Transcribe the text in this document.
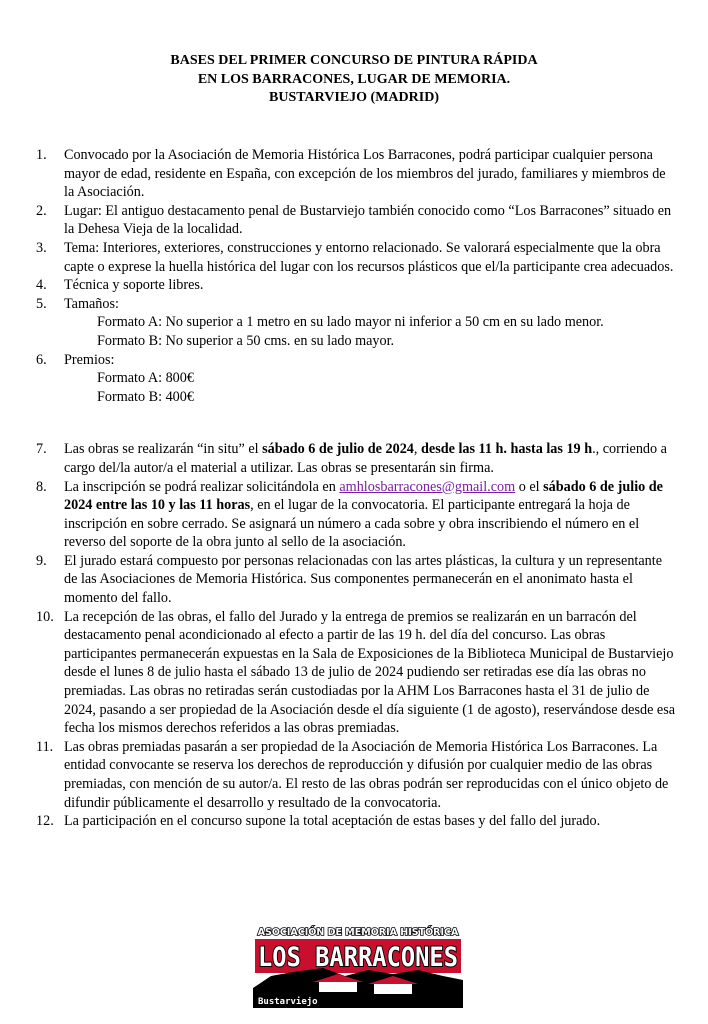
BASES DEL PRIMER CONCURSO DE PINTURA RÁPIDA
EN LOS BARRACONES, LUGAR DE MEMORIA.
BUSTARVIEJO (MADRID)
1. Convocado por la Asociación de Memoria Histórica Los Barracones, podrá participar cualquier persona mayor de edad, residente en España, con excepción de los miembros del jurado, familiares y miembros de la Asociación.
2. Lugar: El antiguo destacamento penal de Bustarviejo también conocido como “Los Barracones” situado en la Dehesa Vieja de la localidad.
3. Tema: Interiores, exteriores, construcciones y entorno relacionado. Se valorará especialmente que la obra capte o exprese la huella histórica del lugar con los recursos plásticos que el/la participante crea adecuados.
4. Técnica y soporte libres.
5. Tamaños:
Formato A: No superior a 1 metro en su lado mayor ni inferior a 50 cm en su lado menor.
Formato B: No superior a 50 cms. en su lado mayor.
6. Premios:
Formato A: 800€
Formato B: 400€
7. Las obras se realizarán “in situ” el sábado 6 de julio de 2024, desde las 11 h. hasta las 19 h., corriendo a cargo del/la autor/a el material a utilizar. Las obras se presentarán sin firma.
8. La inscripción se podrá realizar solicitándola en amhlosbarracones@gmail.com o el sábado 6 de julio de 2024 entre las 10 y las 11 horas, en el lugar de la convocatoria. El participante entregará la hoja de inscripción en sobre cerrado. Se asignará un número a cada sobre y obra inscribiendo el número en el reverso del soporte de la obra junto al sello de la asociación.
9. El jurado estará compuesto por personas relacionadas con las artes plásticas, la cultura y un representante de las Asociaciones de Memoria Histórica. Sus componentes permanecerán en el anonimato hasta el momento del fallo.
10. La recepción de las obras, el fallo del Jurado y la entrega de premios se realizarán en un barracón del destacamento penal acondicionado al efecto a partir de las 19 h. del día del concurso. Las obras participantes permanecerán expuestas en la Sala de Exposiciones de la Biblioteca Municipal de Bustarviejo desde el lunes 8 de julio hasta el sábado 13 de julio de 2024 pudiendo ser retiradas ese día las obras no premiadas. Las obras no retiradas serán custodiadas por la AHM Los Barracones hasta el 31 de julio de 2024, pasando a ser propiedad de la Asociación desde el día siguiente (1 de agosto), reservándose desde esa fecha los mismos derechos referidos a las obras premiadas.
11. Las obras premiadas pasarán a ser propiedad de la Asociación de Memoria Histórica Los Barracones. La entidad convocante se reserva los derechos de reproducción y difusión por cualquier medio de las obras premiadas, con mención de su autor/a. El resto de las obras podrán ser reproducidas con el único objeto de difundir públicamente el desarrollo y resultado de la convocatoria.
12. La participación en el concurso supone la total aceptación de estas bases y del fallo del jurado.
ASOCIACIÓN DE MEMORIA HISTÓRICA
LOS BARRACONES
Bustarviejo
